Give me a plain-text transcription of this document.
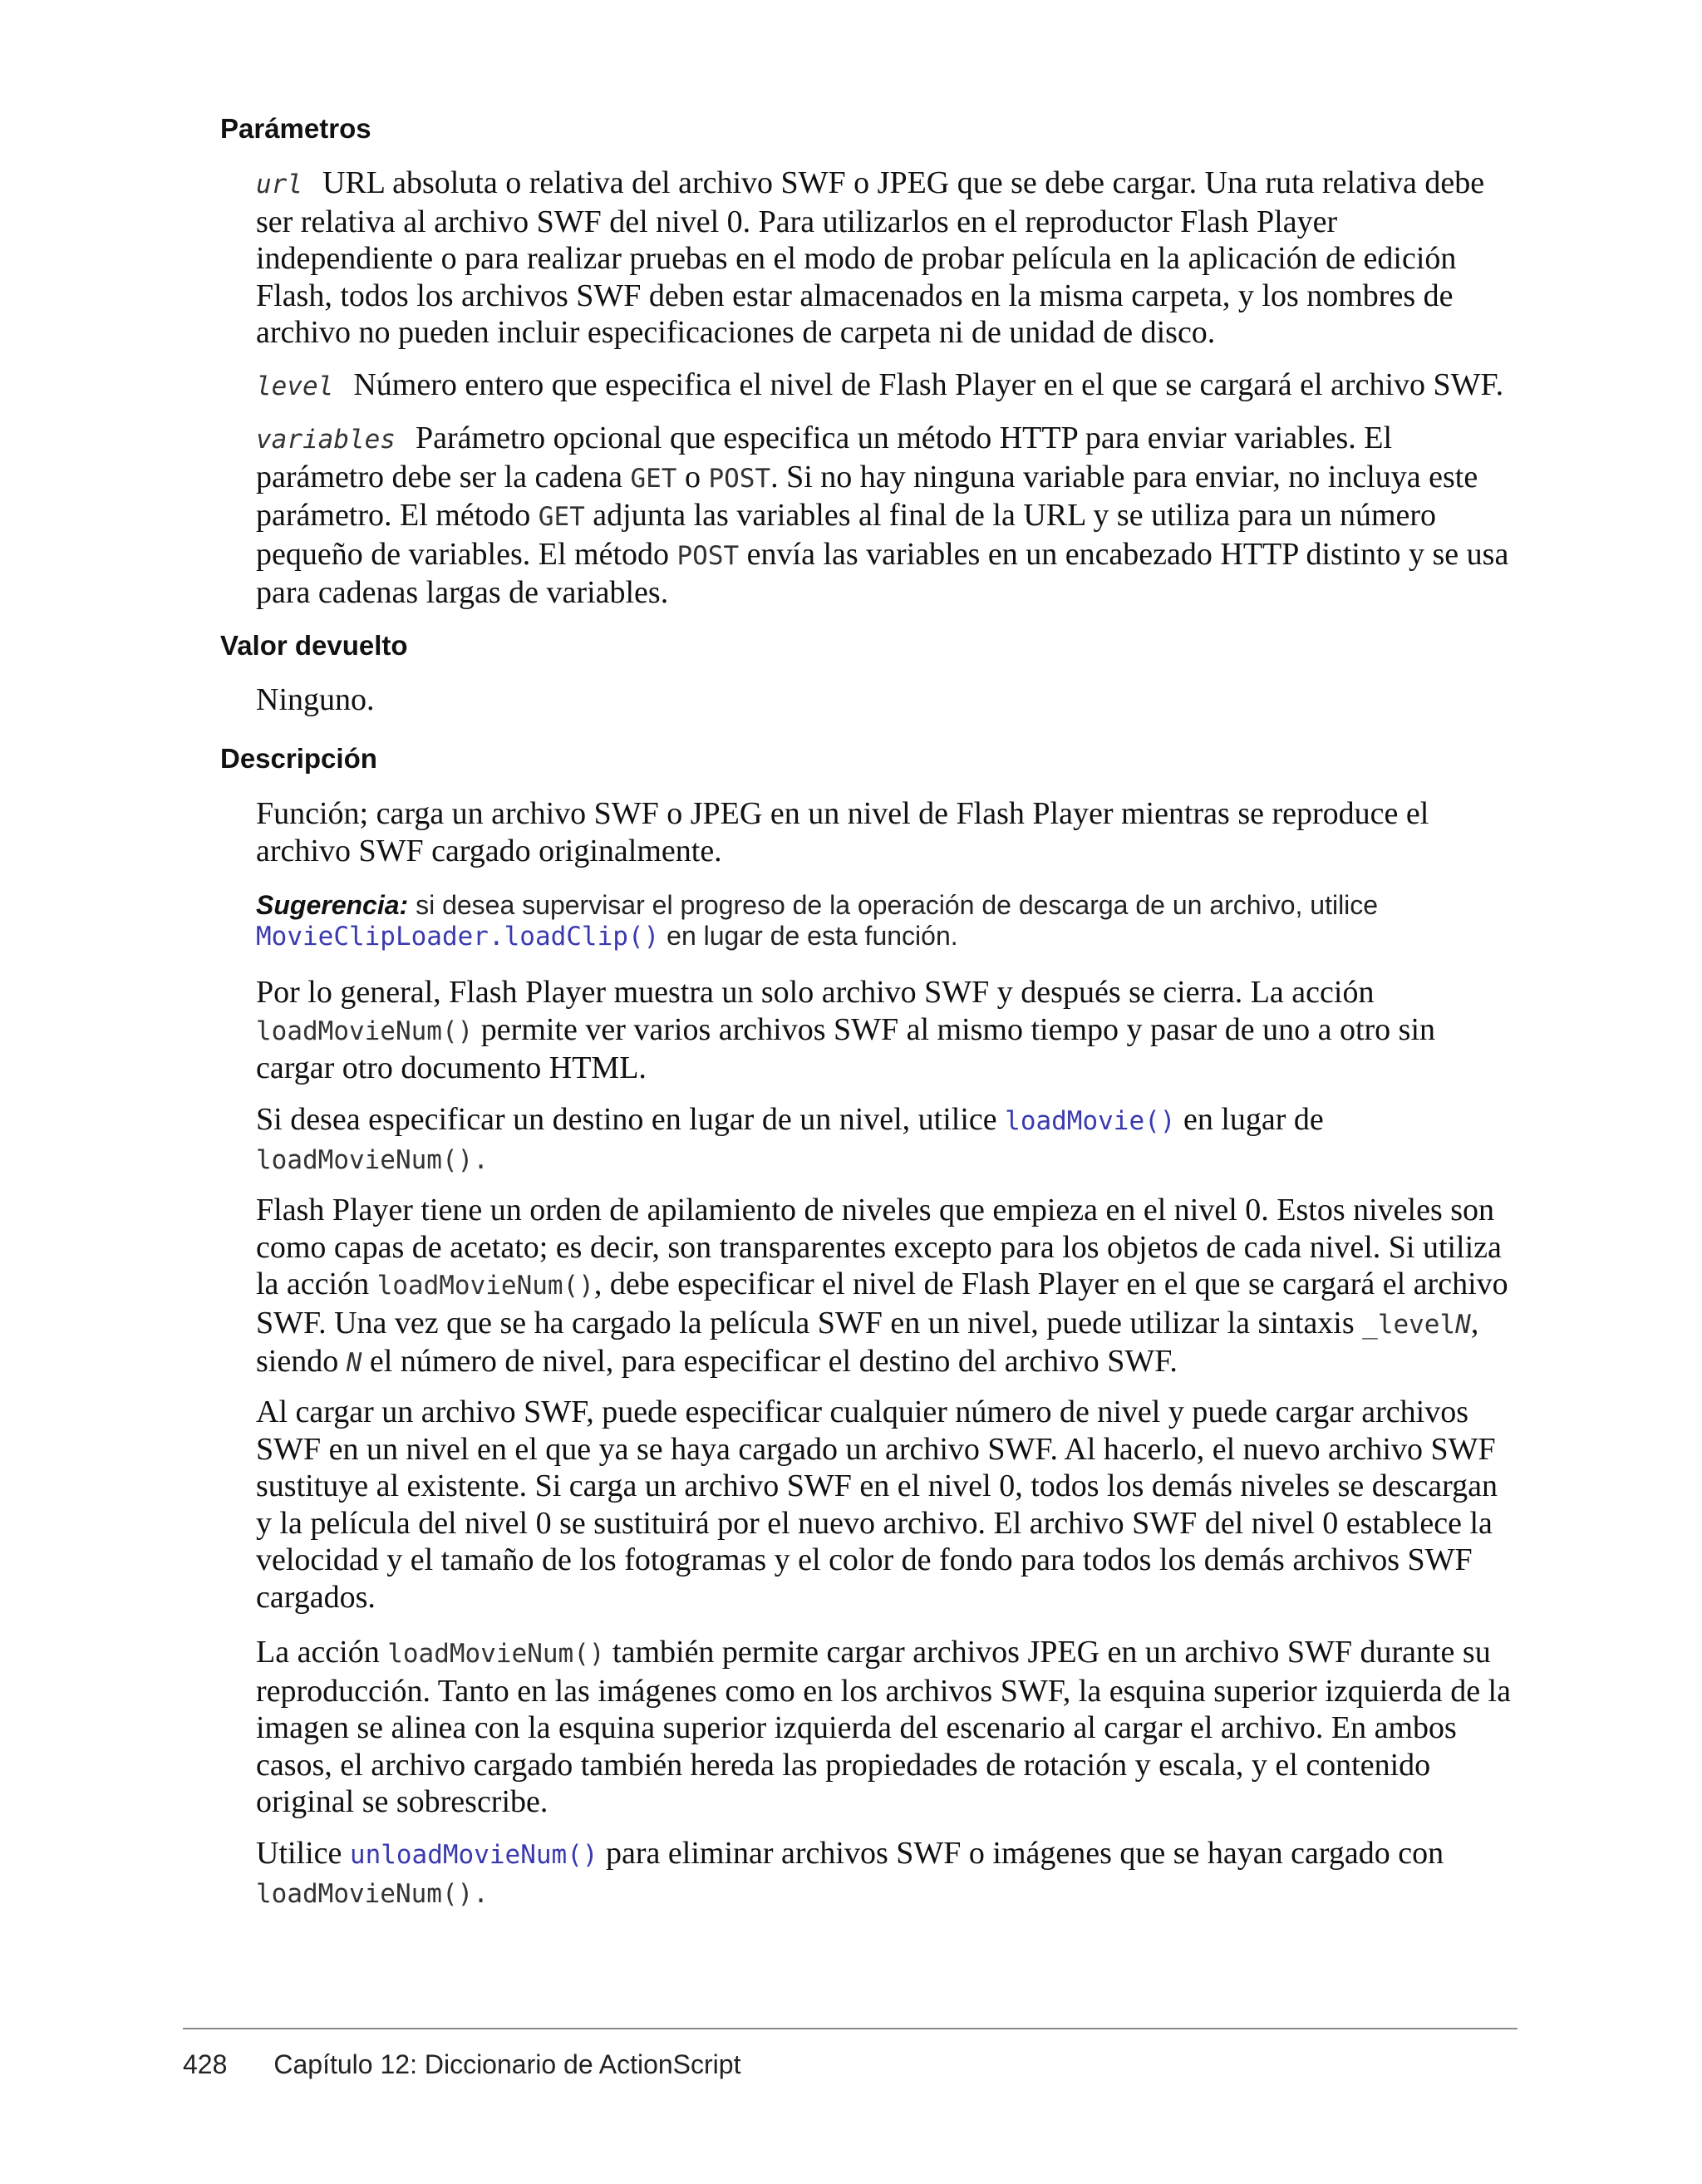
Parámetros

url URL absoluta o relativa del archivo SWF o JPEG que se debe cargar. Una ruta relativa debe ser relativa al archivo SWF del nivel 0. Para utilizarlos en el reproductor Flash Player independiente o para realizar pruebas en el modo de probar película en la aplicación de edición Flash, todos los archivos SWF deben estar almacenados en la misma carpeta, y los nombres de archivo no pueden incluir especificaciones de carpeta ni de unidad de disco.

level Número entero que especifica el nivel de Flash Player en el que se cargará el archivo SWF.

variables Parámetro opcional que especifica un método HTTP para enviar variables. El parámetro debe ser la cadena GET o POST. Si no hay ninguna variable para enviar, no incluya este parámetro. El método GET adjunta las variables al final de la URL y se utiliza para un número pequeño de variables. El método POST envía las variables en un encabezado HTTP distinto y se usa para cadenas largas de variables.

Valor devuelto

Ninguno.

Descripción

Función; carga un archivo SWF o JPEG en un nivel de Flash Player mientras se reproduce el archivo SWF cargado originalmente.

Sugerencia: si desea supervisar el progreso de la operación de descarga de un archivo, utilice MovieClipLoader.loadClip() en lugar de esta función.

Por lo general, Flash Player muestra un solo archivo SWF y después se cierra. La acción loadMovieNum() permite ver varios archivos SWF al mismo tiempo y pasar de uno a otro sin cargar otro documento HTML.

Si desea especificar un destino en lugar de un nivel, utilice loadMovie() en lugar de loadMovieNum().

Flash Player tiene un orden de apilamiento de niveles que empieza en el nivel 0. Estos niveles son como capas de acetato; es decir, son transparentes excepto para los objetos de cada nivel. Si utiliza la acción loadMovieNum(), debe especificar el nivel de Flash Player en el que se cargará el archivo SWF. Una vez que se ha cargado la película SWF en un nivel, puede utilizar la sintaxis _levelN, siendo N el número de nivel, para especificar el destino del archivo SWF.

Al cargar un archivo SWF, puede especificar cualquier número de nivel y puede cargar archivos SWF en un nivel en el que ya se haya cargado un archivo SWF. Al hacerlo, el nuevo archivo SWF sustituye al existente. Si carga un archivo SWF en el nivel 0, todos los demás niveles se descargan y la película del nivel 0 se sustituirá por el nuevo archivo. El archivo SWF del nivel 0 establece la velocidad y el tamaño de los fotogramas y el color de fondo para todos los demás archivos SWF cargados.

La acción loadMovieNum() también permite cargar archivos JPEG en un archivo SWF durante su reproducción. Tanto en las imágenes como en los archivos SWF, la esquina superior izquierda de la imagen se alinea con la esquina superior izquierda del escenario al cargar el archivo. En ambos casos, el archivo cargado también hereda las propiedades de rotación y escala, y el contenido original se sobrescribe.

Utilice unloadMovieNum() para eliminar archivos SWF o imágenes que se hayan cargado con loadMovieNum().

428 Capítulo 12: Diccionario de ActionScript
